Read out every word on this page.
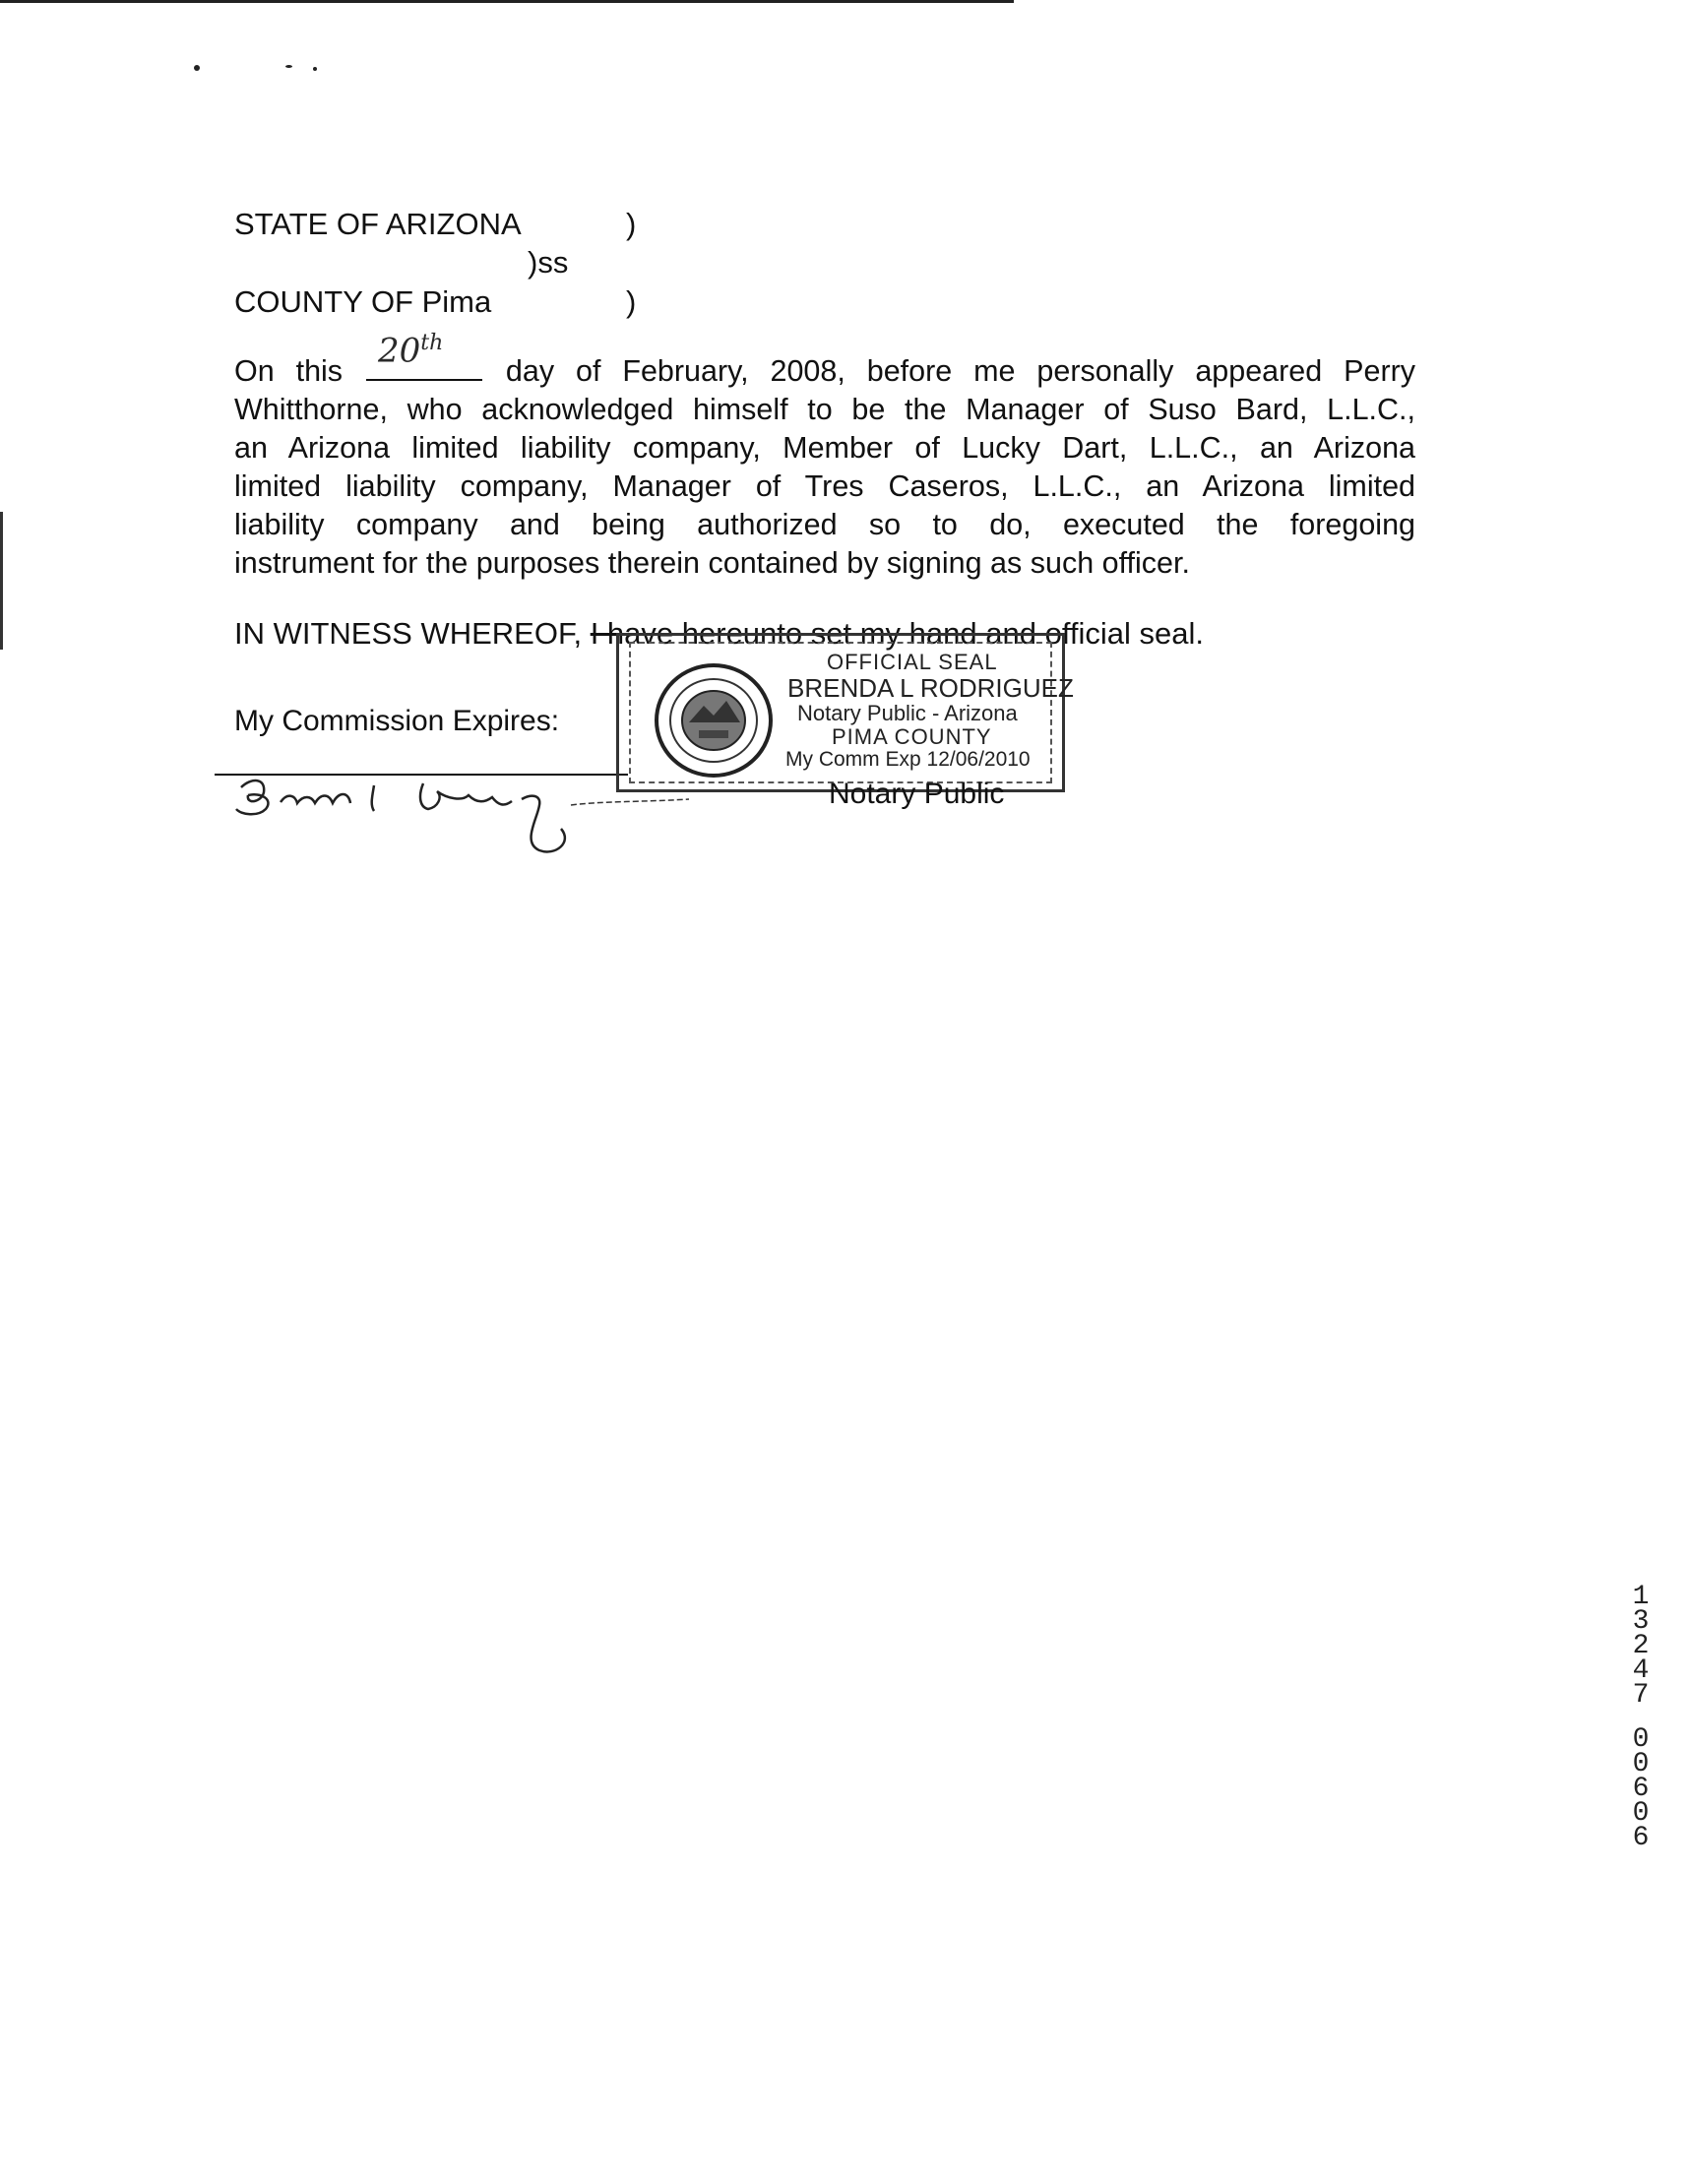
STATE OF ARIZONA	)
)ss
COUNTY OF Pima	)
On this
20th
day of February, 2008, before me personally appeared Perry
Whitthorne, who acknowledged himself to be the Manager of Suso Bard, L.L.C.,
an Arizona limited liability company, Member of Lucky Dart, L.L.C., an Arizona
limited liability company, Manager of Tres Caseros, L.L.C., an Arizona limited
liability company and being authorized so to do, executed the foregoing
instrument for the purposes therein contained by signing as such officer.
IN WITNESS WHEREOF, I have hereunto set my hand and official seal.
My Commission Expires:
OFFICIAL SEAL
BRENDA L RODRIGUEZ
Notary Public - Arizona
PIMA COUNTY
My Comm Exp 12/06/2010
Notary Public
1
3
2
4
7
0
0
6
0
6
